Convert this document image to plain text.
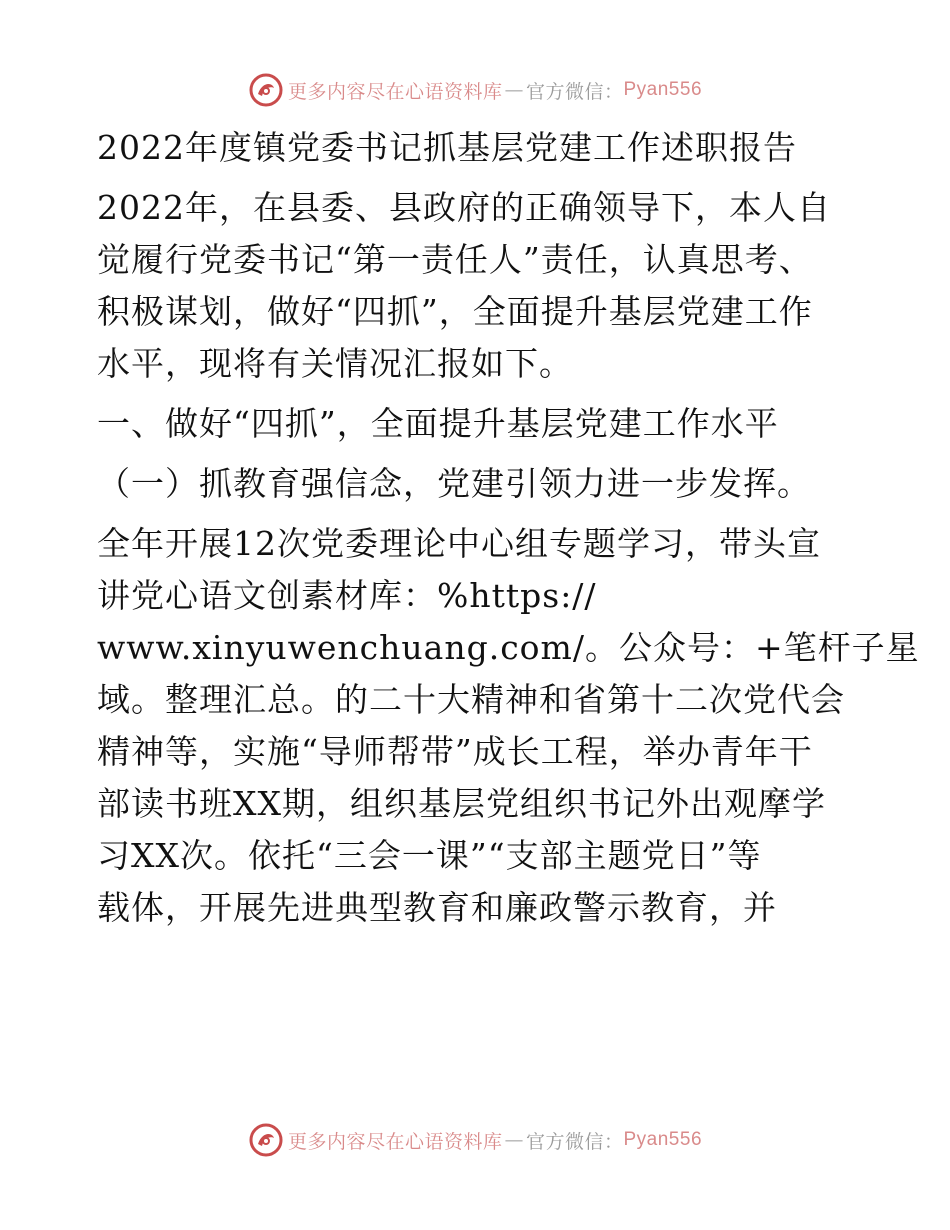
更多内容尽在心语资料库 — 官方微信： Pyan556
2022年度镇党委书记抓基层党建工作述职报告
2022年，在县委、县政府的正确领导下，本人自
觉履行党委书记“第一责任人”责任，认真思考、
积极谋划，做好“四抓”，全面提升基层党建工作
水平，现将有关情况汇报如下。
一、做好“四抓”，全面提升基层党建工作水平
（一）抓教育强信念，党建引领力进一步发挥。
全年开展12次党委理论中心组专题学习，带头宣
讲党心语文创素材库：%https://
www.xinyuwenchuang.com/。公众号：+笔杆子星
域。整理汇总。的二十大精神和省第十二次党代会
精神等，实施“导师帮带”成长工程，举办青年干
部读书班XX期，组织基层党组织书记外出观摩学
习XX次。依托“三会一课”“支部主题党日”等
载体，开展先进典型教育和廉政警示教育，并
更多内容尽在心语资料库 — 官方微信： Pyan556
